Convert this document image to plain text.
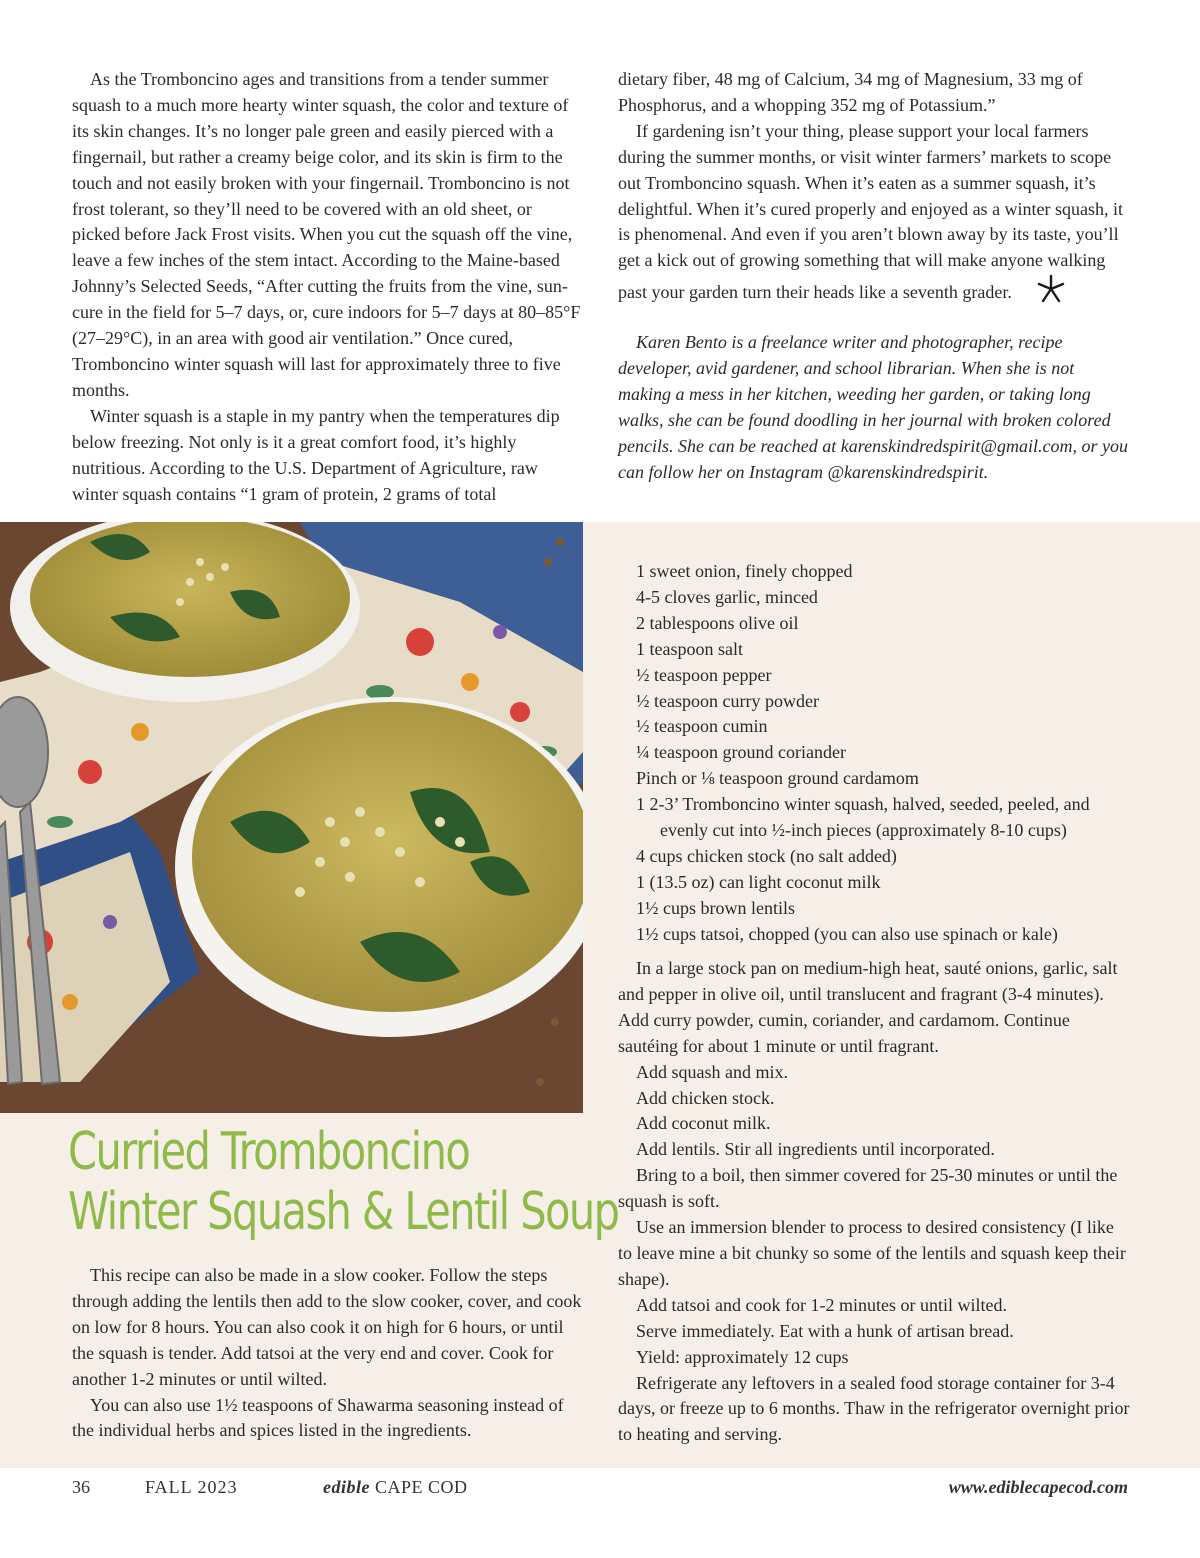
As the Tromboncino ages and transitions from a tender summer squash to a much more hearty winter squash, the color and texture of its skin changes. It’s no longer pale green and easily pierced with a fingernail, but rather a creamy beige color, and its skin is firm to the touch and not easily broken with your fingernail. Tromboncino is not frost tolerant, so they’ll need to be covered with an old sheet, or picked before Jack Frost visits. When you cut the squash off the vine, leave a few inches of the stem intact. According to the Maine-based Johnny’s Selected Seeds, “After cutting the fruits from the vine, sun-cure in the field for 5–7 days, or, cure indoors for 5–7 days at 80–85°F (27–29°C), in an area with good air ventilation.” Once cured, Tromboncino winter squash will last for approximately three to five months.

Winter squash is a staple in my pantry when the temperatures dip below freezing. Not only is it a great comfort food, it’s highly nutritious. According to the U.S. Department of Agriculture, raw winter squash contains “1 gram of protein, 2 grams of total

dietary fiber, 48 mg of Calcium, 34 mg of Magnesium, 33 mg of Phosphorus, and a whopping 352 mg of Potassium.”

If gardening isn’t your thing, please support your local farmers during the summer months, or visit winter farmers’ markets to scope out Tromboncino squash. When it’s eaten as a summer squash, it’s delightful. When it’s cured properly and enjoyed as a winter squash, it is phenomenal. And even if you aren’t blown away by its taste, you’ll get a kick out of growing something that will make anyone walking past your garden turn their heads like a seventh grader.

Karen Bento is a freelance writer and photographer, recipe developer, avid gardener, and school librarian. When she is not making a mess in her kitchen, weeding her garden, or taking long walks, she can be found doodling in her journal with broken colored pencils. She can be reached at karenskindredspirit@gmail.com, or you can follow her on Instagram @karenskindredspirit.

Curried Tromboncino
Winter Squash & Lentil Soup

This recipe can also be made in a slow cooker. Follow the steps through adding the lentils then add to the slow cooker, cover, and cook on low for 8 hours. You can also cook it on high for 6 hours, or until the squash is tender. Add tatsoi at the very end and cover. Cook for another 1-2 minutes or until wilted.

You can also use 1½ teaspoons of Shawarma seasoning instead of the individual herbs and spices listed in the ingredients.

1 sweet onion, finely chopped
4-5 cloves garlic, minced
2 tablespoons olive oil
1 teaspoon salt
½ teaspoon pepper
½ teaspoon curry powder
½ teaspoon cumin
¼ teaspoon ground coriander
Pinch or ⅛ teaspoon ground cardamom
1 2-3’ Tromboncino winter squash, halved, seeded, peeled, and evenly cut into ½-inch pieces (approximately 8-10 cups)
4 cups chicken stock (no salt added)
1 (13.5 oz) can light coconut milk
1½ cups brown lentils
1½ cups tatsoi, chopped (you can also use spinach or kale)

In a large stock pan on medium-high heat, sauté onions, garlic, salt and pepper in olive oil, until translucent and fragrant (3-4 minutes). Add curry powder, cumin, coriander, and cardamom. Continue sautéing for about 1 minute or until fragrant.

Add squash and mix.

Add chicken stock.

Add coconut milk.

Add lentils. Stir all ingredients until incorporated.

Bring to a boil, then simmer covered for 25-30 minutes or until the squash is soft.

Use an immersion blender to process to desired consistency (I like to leave mine a bit chunky so some of the lentils and squash keep their shape).

Add tatsoi and cook for 1-2 minutes or until wilted.

Serve immediately. Eat with a hunk of artisan bread.

Yield: approximately 12 cups

Refrigerate any leftovers in a sealed food storage container for 3-4 days, or freeze up to 6 months. Thaw in the refrigerator overnight prior to heating and serving.

36	FALL 2023	edible CAPE COD	www.ediblecapecod.com
